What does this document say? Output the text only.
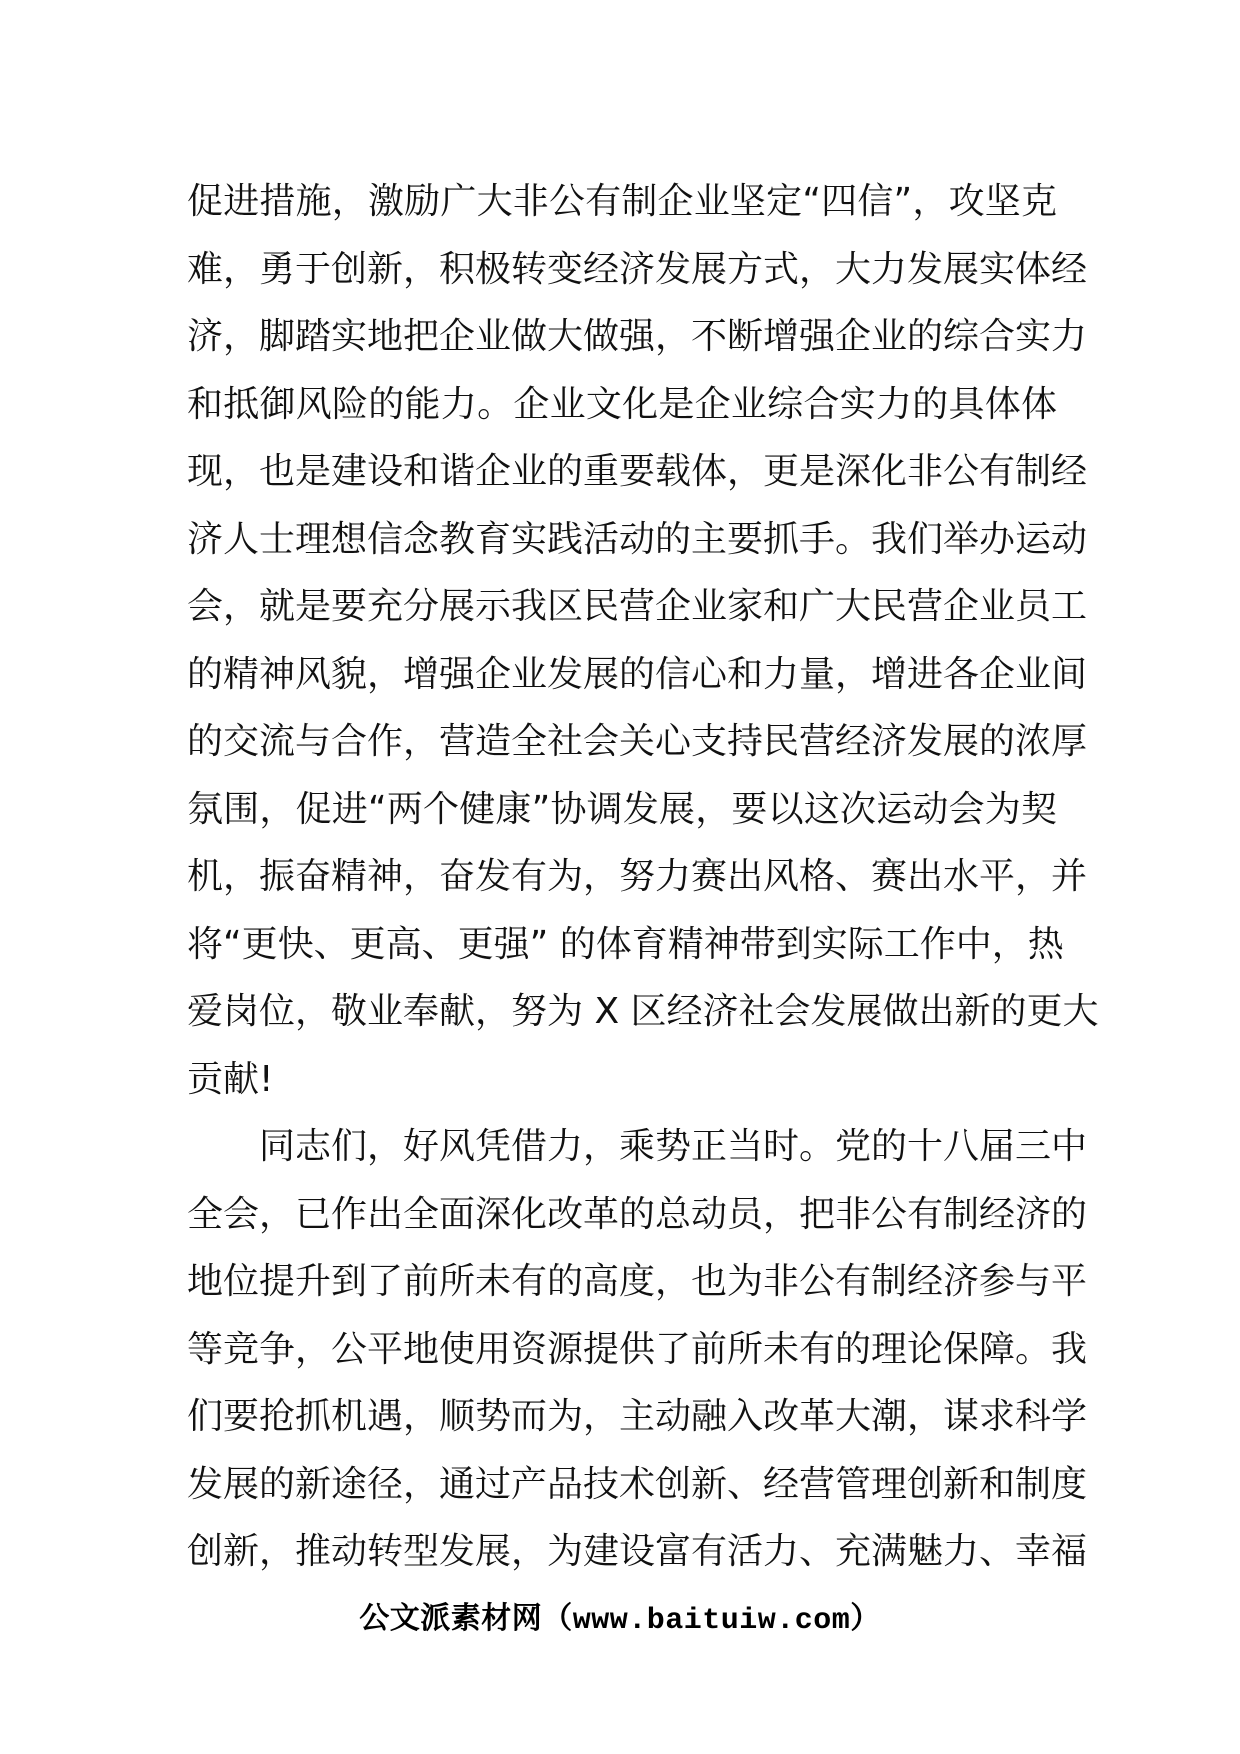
促进措施，激励广大非公有制企业坚定“四信”，攻坚克
难，勇于创新，积极转变经济发展方式，大力发展实体经
济，脚踏实地把企业做大做强，不断增强企业的综合实力
和抵御风险的能力。企业文化是企业综合实力的具体体
现，也是建设和谐企业的重要载体，更是深化非公有制经
济人士理想信念教育实践活动的主要抓手。我们举办运动
会，就是要充分展示我区民营企业家和广大民营企业员工
的精神风貌，增强企业发展的信心和力量，增进各企业间
的交流与合作，营造全社会关心支持民营经济发展的浓厚
氛围，促进“两个健康”协调发展，要以这次运动会为契
机，振奋精神，奋发有为，努力赛出风格、赛出水平，并
将“更快、更高、更强” 的体育精神带到实际工作中，热
爱岗位，敬业奉献，努为 X 区经济社会发展做出新的更大
贡献!
同志们，好风凭借力，乘势正当时。党的十八届三中
全会，已作出全面深化改革的总动员，把非公有制经济的
地位提升到了前所未有的高度，也为非公有制经济参与平
等竞争，公平地使用资源提供了前所未有的理论保障。我
们要抢抓机遇，顺势而为，主动融入改革大潮，谋求科学
发展的新途径，通过产品技术创新、经营管理创新和制度
创新，推动转型发展，为建设富有活力、充满魅力、幸福
公文派素材网（www.baituiw.com）
